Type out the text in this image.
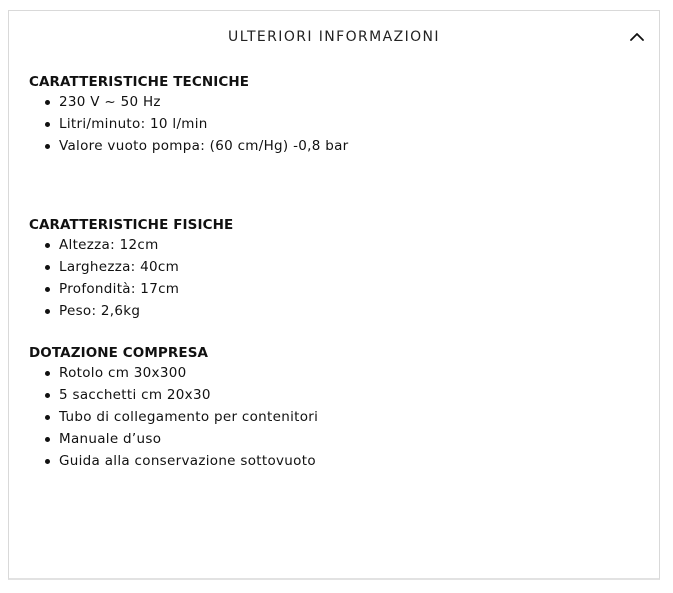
ULTERIORI INFORMAZIONI
CARATTERISTICHE TECNICHE
230 V ~ 50 Hz
Litri/minuto: 10 l/min
Valore vuoto pompa: (60 cm/Hg) -0,8 bar
CARATTERISTICHE FISICHE
Altezza: 12cm
Larghezza: 40cm
Profondità: 17cm
Peso: 2,6kg
DOTAZIONE COMPRESA
Rotolo cm 30x300
5 sacchetti cm 20x30
Tubo di collegamento per contenitori
Manuale d’uso
Guida alla conservazione sottovuoto
